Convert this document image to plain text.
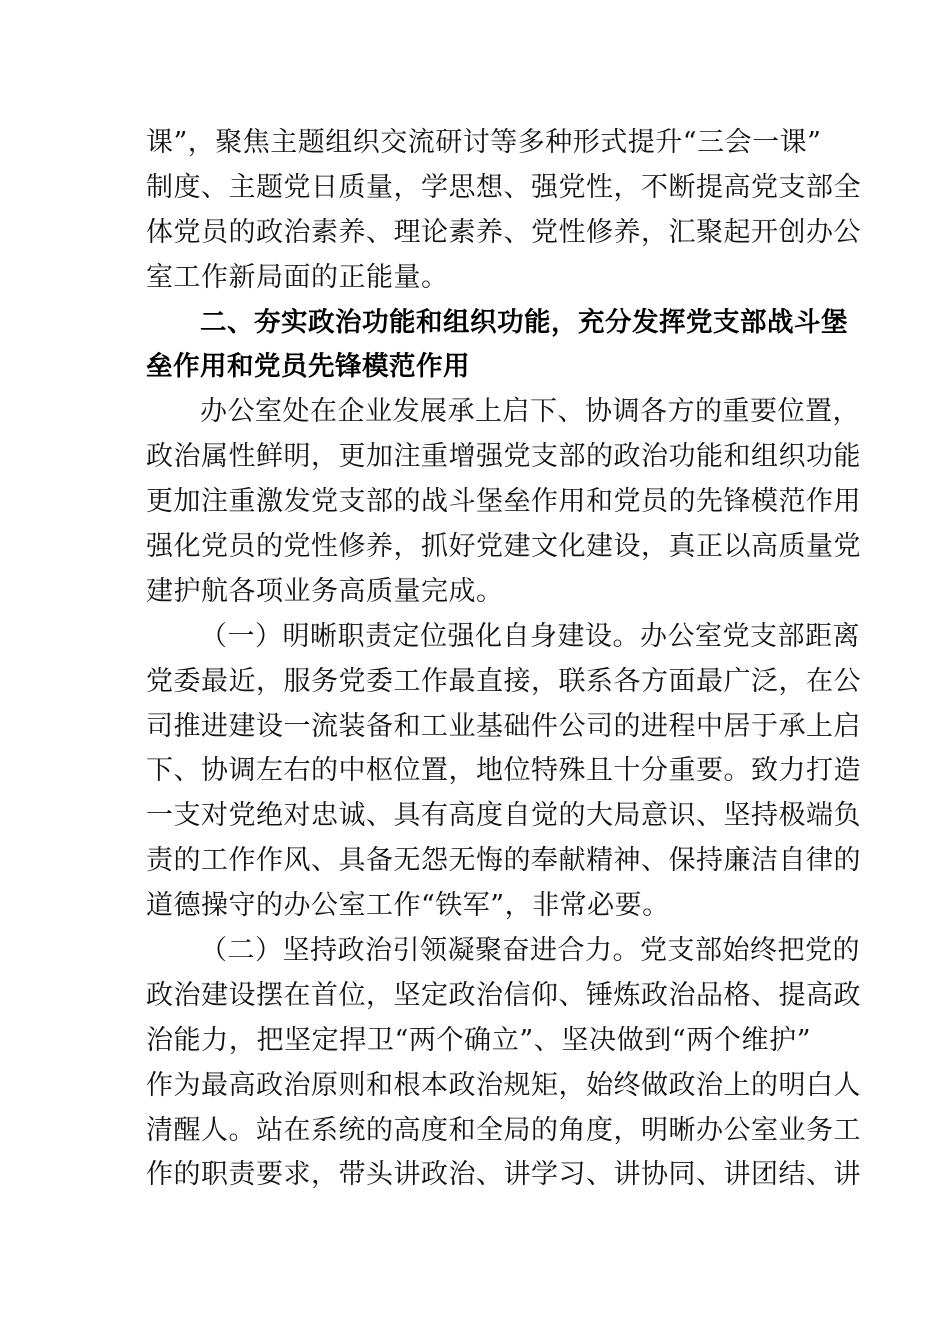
课”，聚焦主题组织交流研讨等多种形式提升“三会一课”
制度、主题党日质量，学思想、强党性，不断提高党支部全
体党员的政治素养、理论素养、党性修养，汇聚起开创办公
室工作新局面的正能量。
二、夯实政治功能和组织功能，充分发挥党支部战斗堡
垒作用和党员先锋模范作用
办公室处在企业发展承上启下、协调各方的重要位置，
政治属性鲜明，更加注重增强党支部的政治功能和组织功能
更加注重激发党支部的战斗堡垒作用和党员的先锋模范作用
强化党员的党性修养，抓好党建文化建设，真正以高质量党
建护航各项业务高质量完成。
（一）明晰职责定位强化自身建设。办公室党支部距离
党委最近，服务党委工作最直接，联系各方面最广泛，在公
司推进建设一流装备和工业基础件公司的进程中居于承上启
下、协调左右的中枢位置，地位特殊且十分重要。致力打造
一支对党绝对忠诚、具有高度自觉的大局意识、坚持极端负
责的工作作风、具备无怨无悔的奉献精神、保持廉洁自律的
道德操守的办公室工作“铁军”，非常必要。
（二）坚持政治引领凝聚奋进合力。党支部始终把党的
政治建设摆在首位，坚定政治信仰、锤炼政治品格、提高政
治能力，把坚定捍卫“两个确立”、坚决做到“两个维护”
作为最高政治原则和根本政治规矩，始终做政治上的明白人
清醒人。站在系统的高度和全局的角度，明晰办公室业务工
作的职责要求，带头讲政治、讲学习、讲协同、讲团结、讲
